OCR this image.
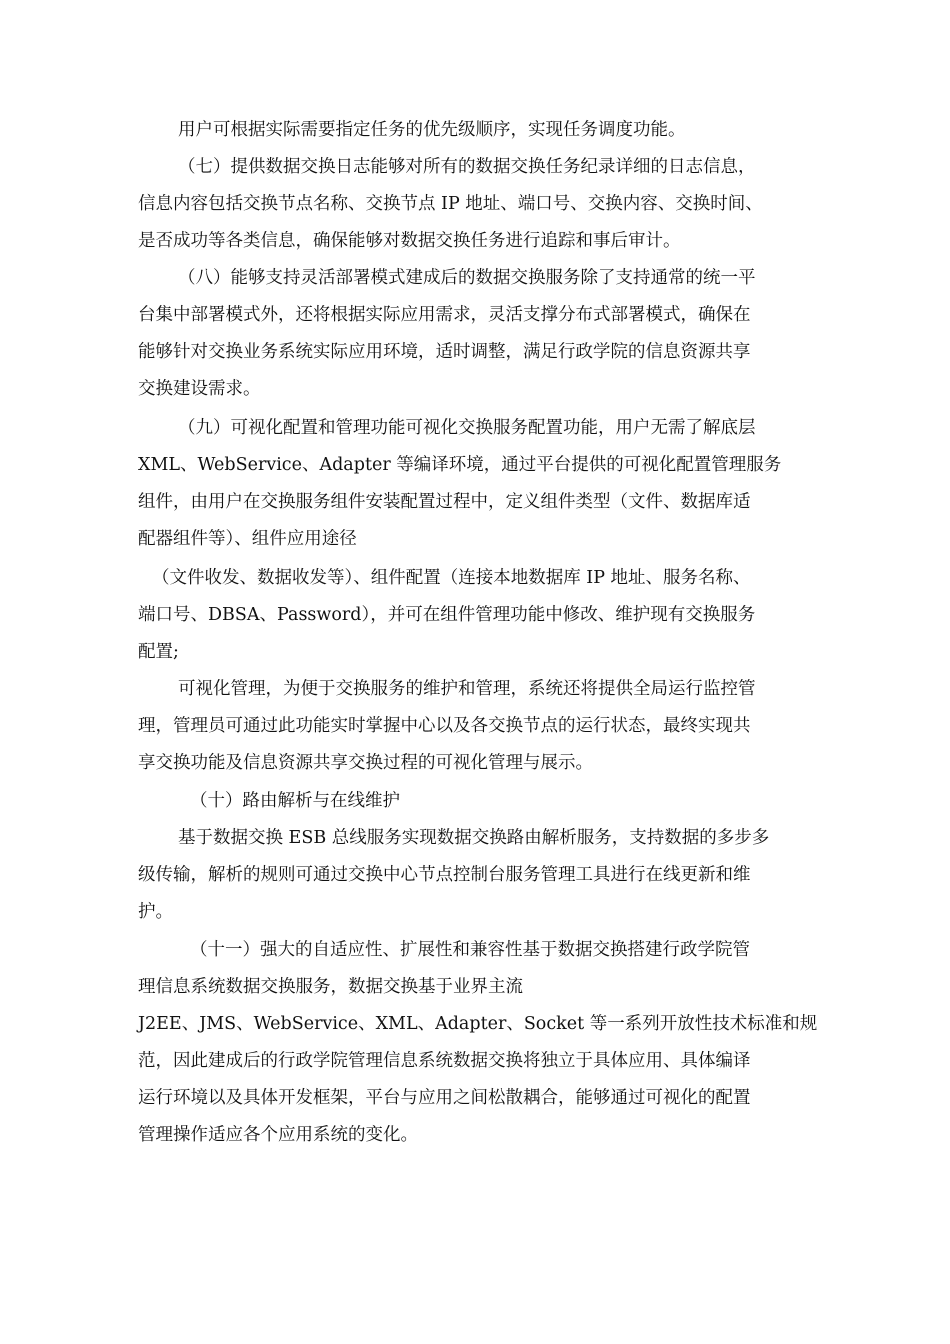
用户可根据实际需要指定任务的优先级顺序，实现任务调度功能。
（七）提供数据交换日志能够对所有的数据交换任务纪录详细的日志信息，
信息内容包括交换节点名称、交换节点 IP 地址、端口号、交换内容、交换时间、
是否成功等各类信息，确保能够对数据交换任务进行追踪和事后审计。
（八）能够支持灵活部署模式建成后的数据交换服务除了支持通常的统一平
台集中部署模式外，还将根据实际应用需求，灵活支撑分布式部署模式，确保在
能够针对交换业务系统实际应用环境，适时调整，满足行政学院的信息资源共享
交换建设需求。
（九）可视化配置和管理功能可视化交换服务配置功能，用户无需了解底层
XML、WebService、Adapter 等编译环境，通过平台提供的可视化配置管理服务
组件，由用户在交换服务组件安装配置过程中，定义组件类型（文件、数据库适
配器组件等）、组件应用途径
（文件收发、数据收发等）、组件配置（连接本地数据库 IP 地址、服务名称、
端口号、DBSA、Password），并可在组件管理功能中修改、维护现有交换服务
配置;
可视化管理，为便于交换服务的维护和管理，系统还将提供全局运行监控管
理，管理员可通过此功能实时掌握中心以及各交换节点的运行状态，最终实现共
享交换功能及信息资源共享交换过程的可视化管理与展示。
（十）路由解析与在线维护
基于数据交换 ESB 总线服务实现数据交换路由解析服务，支持数据的多步多
级传输，解析的规则可通过交换中心节点控制台服务管理工具进行在线更新和维
护。
（十一）强大的自适应性、扩展性和兼容性基于数据交换搭建行政学院管
理信息系统数据交换服务，数据交换基于业界主流
J2EE、JMS、WebService、XML、Adapter、Socket 等一系列开放性技术标准和规
范，因此建成后的行政学院管理信息系统数据交换将独立于具体应用、具体编译
运行环境以及具体开发框架，平台与应用之间松散耦合，能够通过可视化的配置
管理操作适应各个应用系统的变化。
